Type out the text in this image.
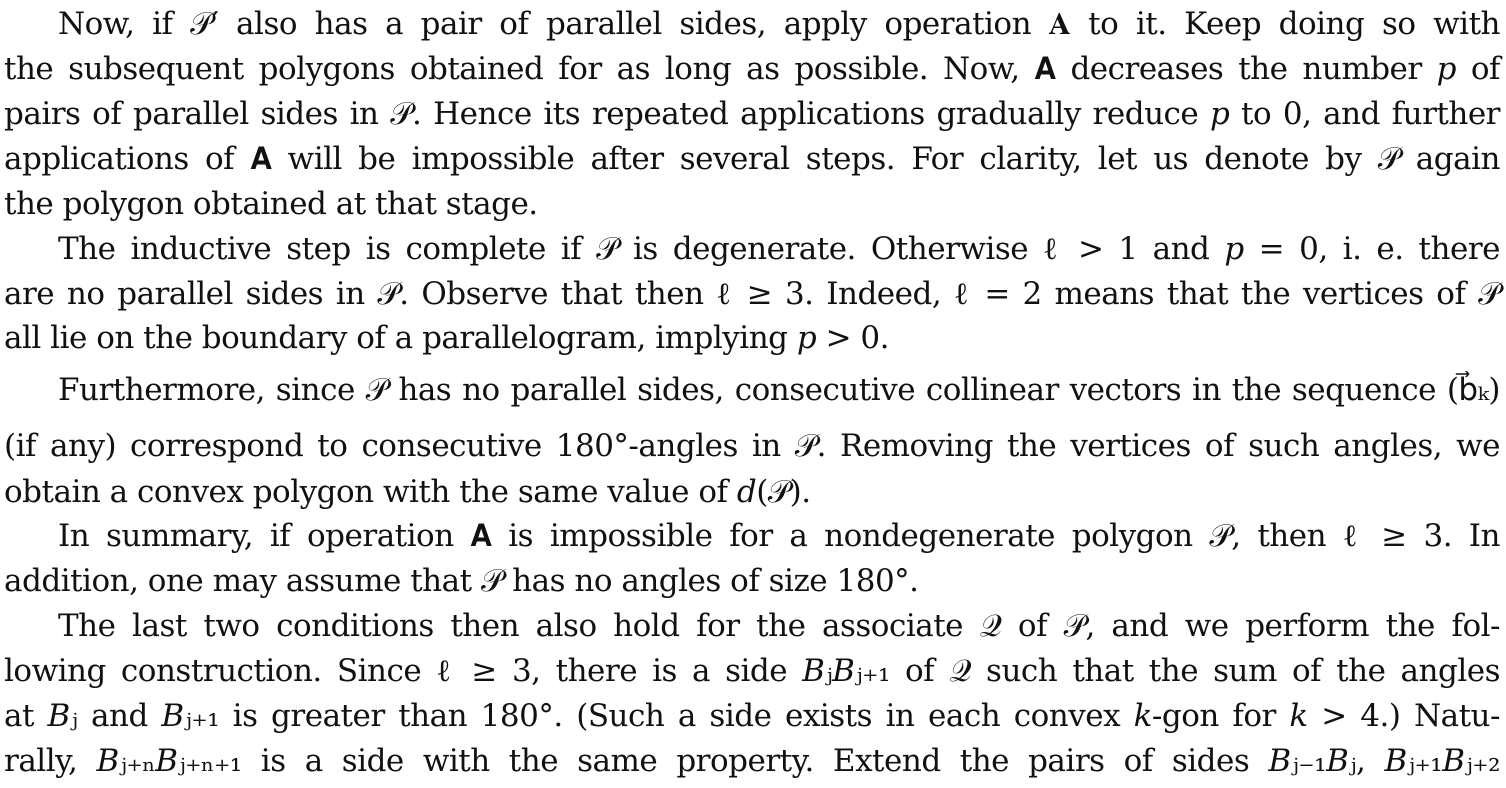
Now, if 𝒫′ also has a pair of parallel sides, apply operation 𝐀 to it. Keep doing so with
the subsequent polygons obtained for as long as possible. Now, 𝐀 decreases the number 𝑝 of
pairs of parallel sides in 𝒫. Hence its repeated applications gradually reduce 𝑝 to 0, and further
applications of 𝐀 will be impossible after several steps. For clarity, let us denote by 𝒫 again
the polygon obtained at that stage.
The inductive step is complete if 𝒫 is degenerate. Otherwise ℓ > 1 and 𝑝 = 0, i. e. there
are no parallel sides in 𝒫. Observe that then ℓ ≥ 3. Indeed, ℓ = 2 means that the vertices of 𝒫
all lie on the boundary of a parallelogram, implying 𝑝 > 0.
Furthermore, since 𝒫 has no parallel sides, consecutive collinear vectors in the sequence (b⃗ₖ)
(if any) correspond to consecutive 180°-angles in 𝒫. Removing the vertices of such angles, we
obtain a convex polygon with the same value of 𝑑(𝒫).
In summary, if operation 𝐀 is impossible for a nondegenerate polygon 𝒫, then ℓ ≥ 3. In
addition, one may assume that 𝒫 has no angles of size 180°.
The last two conditions then also hold for the associate 𝒬 of 𝒫, and we perform the fol-
lowing construction. Since ℓ ≥ 3, there is a side 𝐵ⱼ𝐵ⱼ₊₁ of 𝒬 such that the sum of the angles
at 𝐵ⱼ and 𝐵ⱼ₊₁ is greater than 180°. (Such a side exists in each convex 𝑘-gon for 𝑘 > 4.) Natu-
rally, 𝐵ⱼ₊ₙ𝐵ⱼ₊ₙ₊₁ is a side with the same property. Extend the pairs of sides 𝐵ⱼ₋₁𝐵ⱼ, 𝐵ⱼ₊₁𝐵ⱼ₊₂
